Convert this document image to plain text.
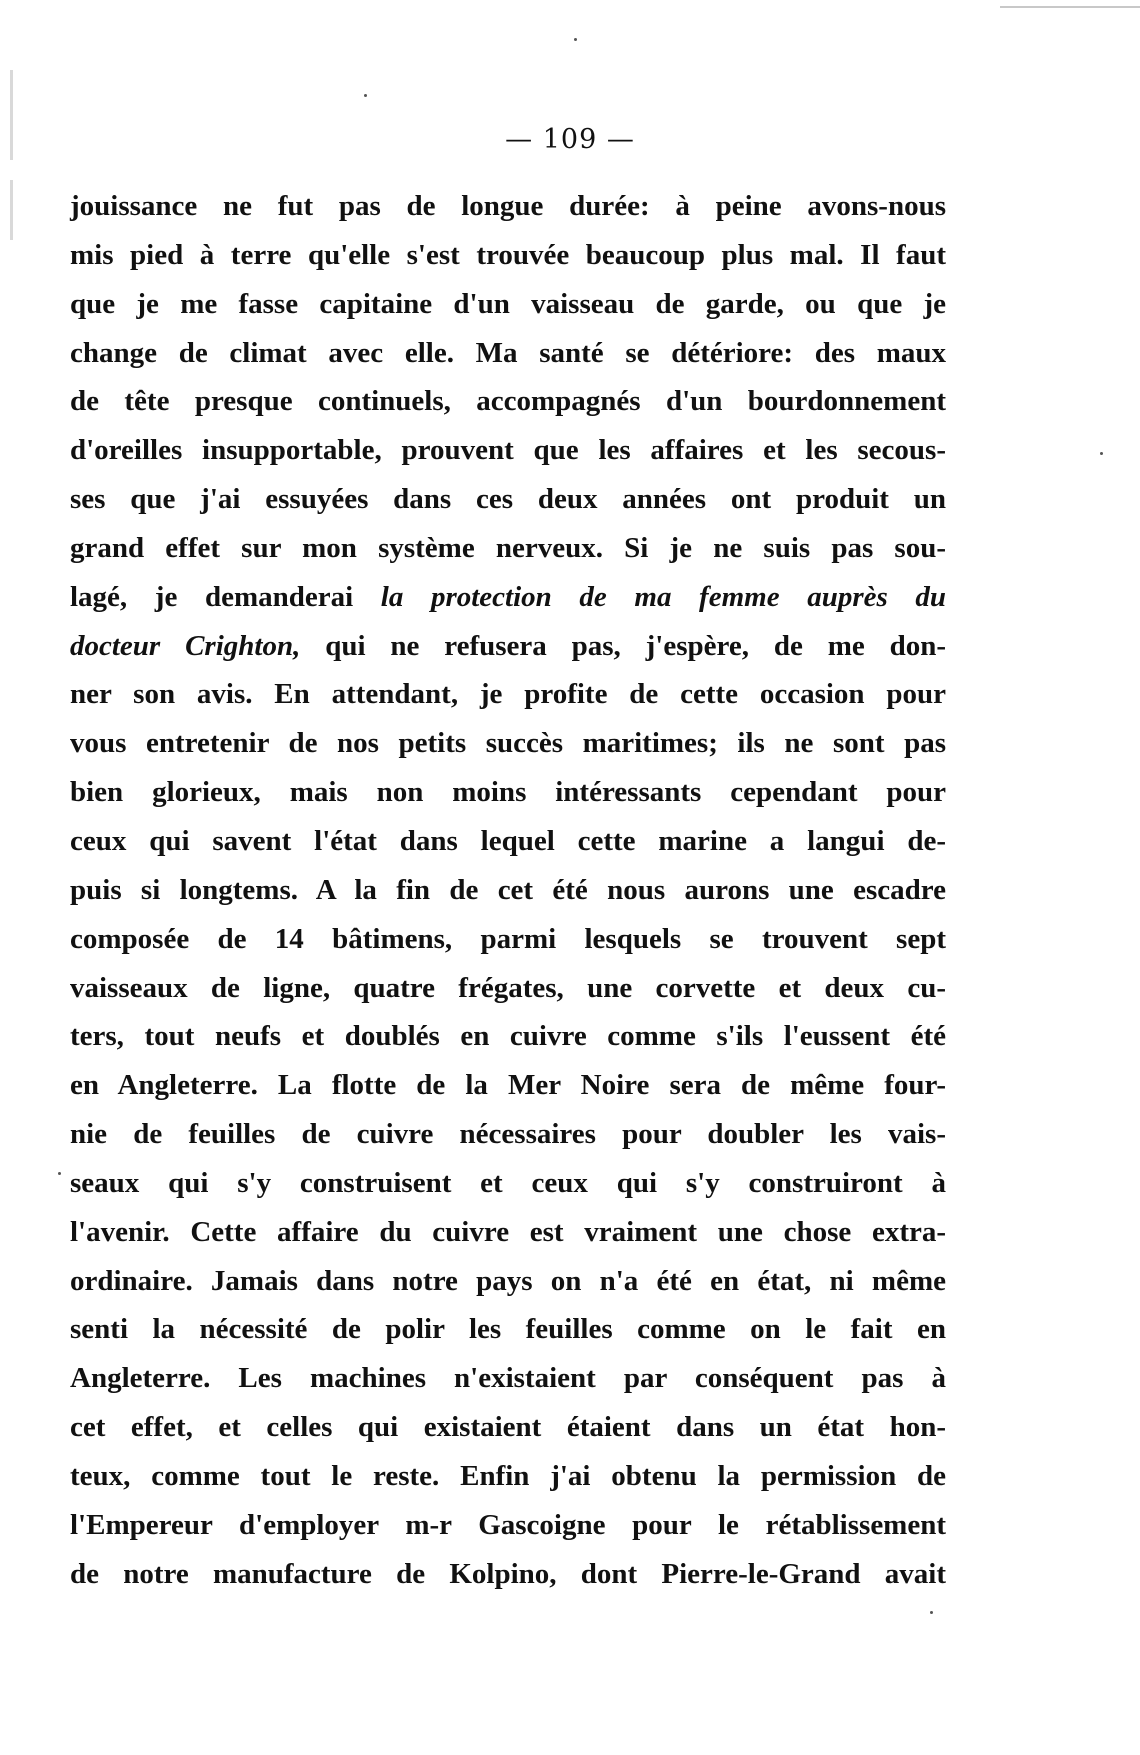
— 109 —
jouissance ne fut pas de longue durée: à peine avons-nous
mis pied à terre qu'elle s'est trouvée beaucoup plus mal. Il faut
que je me fasse capitaine d'un vaisseau de garde, ou que je
change de climat avec elle. Ma santé se détériore: des maux
de tête presque continuels, accompagnés d'un bourdonnement
d'oreilles insupportable, prouvent que les affaires et les secous-
ses que j'ai essuyées dans ces deux années ont produit un
grand effet sur mon système nerveux. Si je ne suis pas sou-
lagé, je demanderai la protection de ma femme auprès du
docteur Crighton, qui ne refusera pas, j'espère, de me don-
ner son avis. En attendant, je profite de cette occasion pour
vous entretenir de nos petits succès maritimes; ils ne sont pas
bien glorieux, mais non moins intéressants cependant pour
ceux qui savent l'état dans lequel cette marine a langui de-
puis si longtems. A la fin de cet été nous aurons une escadre
composée de 14 bâtimens, parmi lesquels se trouvent sept
vaisseaux de ligne, quatre frégates, une corvette et deux cu-
ters, tout neufs et doublés en cuivre comme s'ils l'eussent été
en Angleterre. La flotte de la Mer Noire sera de même four-
nie de feuilles de cuivre nécessaires pour doubler les vais-
seaux qui s'y construisent et ceux qui s'y construiront à
l'avenir. Cette affaire du cuivre est vraiment une chose extra-
ordinaire. Jamais dans notre pays on n'a été en état, ni même
senti la nécessité de polir les feuilles comme on le fait en
Angleterre. Les machines n'existaient par conséquent pas à
cet effet, et celles qui existaient étaient dans un état hon-
teux, comme tout le reste. Enfin j'ai obtenu la permission de
l'Empereur d'employer m-r Gascoigne pour le rétablissement
de notre manufacture de Kolpino, dont Pierre-le-Grand avait
